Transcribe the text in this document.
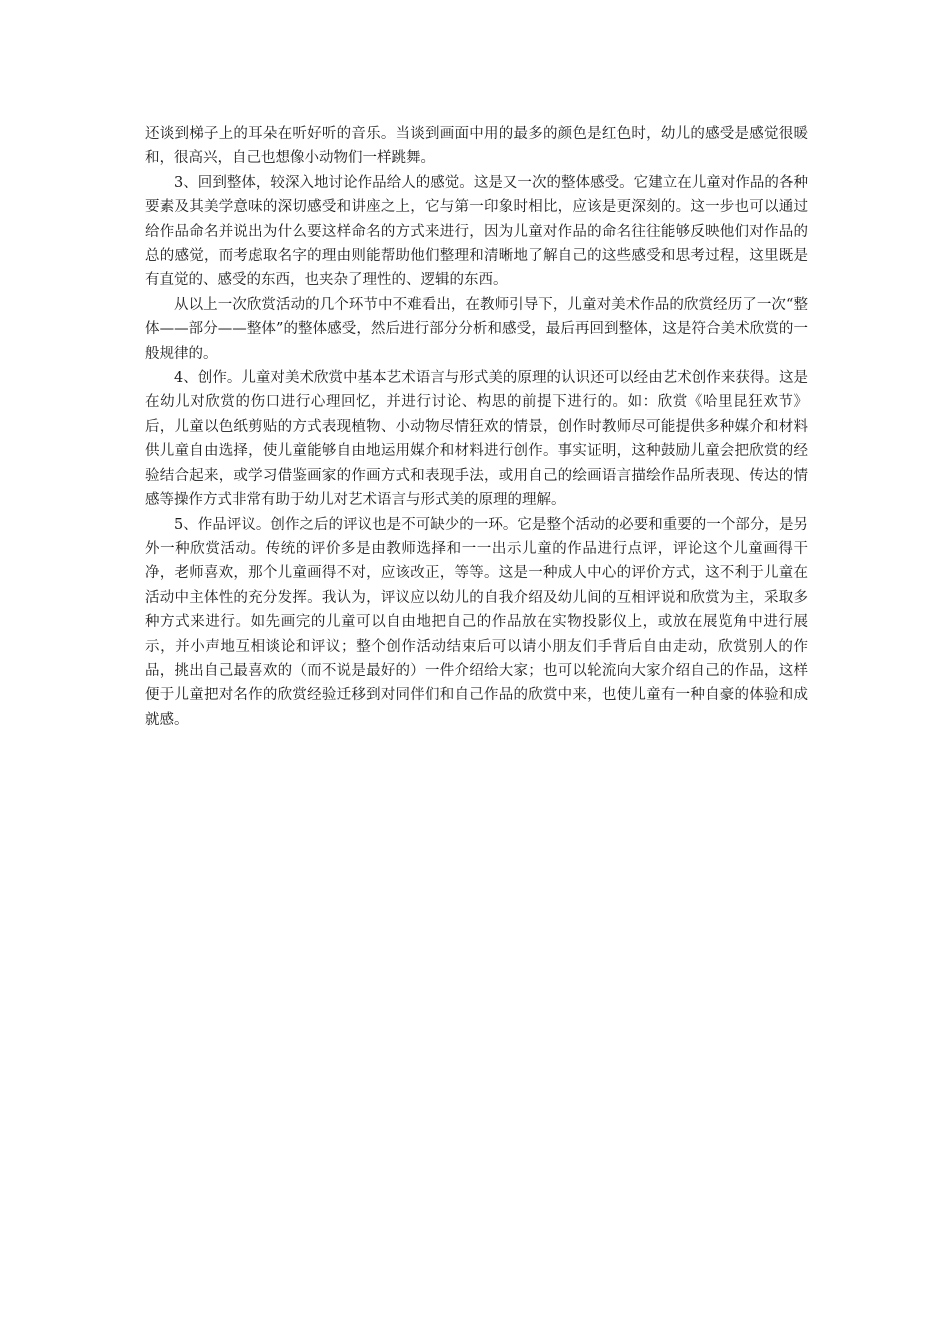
还谈到梯子上的耳朵在听好听的音乐。当谈到画面中用的最多的颜色是红色时，幼儿的感受是感觉很暖和，很高兴，自己也想像小动物们一样跳舞。

3、回到整体，较深入地讨论作品给人的感觉。这是又一次的整体感受。它建立在儿童对作品的各种要素及其美学意味的深切感受和讲座之上，它与第一印象时相比，应该是更深刻的。这一步也可以通过给作品命名并说出为什么要这样命名的方式来进行，因为儿童对作品的命名往往能够反映他们对作品的总的感觉，而考虑取名字的理由则能帮助他们整理和清晰地了解自己的这些感受和思考过程，这里既是有直觉的、感受的东西，也夹杂了理性的、逻辑的东西。

从以上一次欣赏活动的几个环节中不难看出，在教师引导下，儿童对美术作品的欣赏经历了一次“整体——部分——整体”的整体感受，然后进行部分分析和感受，最后再回到整体，这是符合美术欣赏的一般规律的。

4、创作。儿童对美术欣赏中基本艺术语言与形式美的原理的认识还可以经由艺术创作来获得。这是在幼儿对欣赏的伤口进行心理回忆，并进行讨论、构思的前提下进行的。如：欣赏《哈里昆狂欢节》后，儿童以色纸剪贴的方式表现植物、小动物尽情狂欢的情景，创作时教师尽可能提供多种媒介和材料供儿童自由选择，使儿童能够自由地运用媒介和材料进行创作。事实证明，这种鼓励儿童会把欣赏的经验结合起来，或学习借鉴画家的作画方式和表现手法，或用自己的绘画语言描绘作品所表现、传达的情感等操作方式非常有助于幼儿对艺术语言与形式美的原理的理解。

5、作品评议。创作之后的评议也是不可缺少的一环。它是整个活动的必要和重要的一个部分，是另外一种欣赏活动。传统的评价多是由教师选择和一一出示儿童的作品进行点评，评论这个儿童画得干净，老师喜欢，那个儿童画得不对，应该改正，等等。这是一种成人中心的评价方式，这不利于儿童在活动中主体性的充分发挥。我认为，评议应以幼儿的自我介绍及幼儿间的互相评说和欣赏为主，采取多种方式来进行。如先画完的儿童可以自由地把自己的作品放在实物投影仪上，或放在展览角中进行展示，并小声地互相谈论和评议；整个创作活动结束后可以请小朋友们手背后自由走动，欣赏别人的作品，挑出自己最喜欢的（而不说是最好的）一件介绍给大家；也可以轮流向大家介绍自己的作品，这样便于儿童把对名作的欣赏经验迁移到对同伴们和自己作品的欣赏中来，也使儿童有一种自豪的体验和成就感。
